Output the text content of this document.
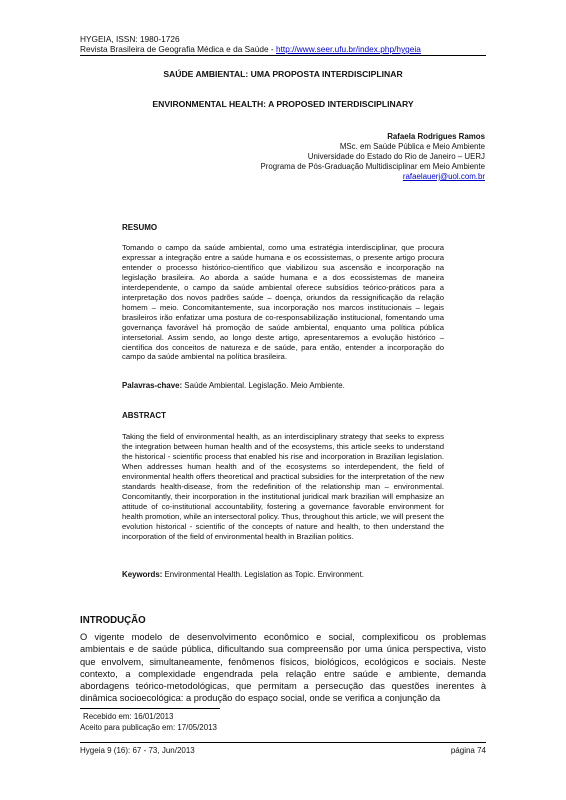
HYGEIA, ISSN: 1980-1726
Revista Brasileira de Geografia Médica e da Saúde - http://www.seer.ufu.br/index.php/hygeia
SAÚDE AMBIENTAL: UMA PROPOSTA INTERDISCIPLINAR
ENVIRONMENTAL HEALTH: A PROPOSED INTERDISCIPLINARY
Rafaela Rodrigues Ramos
MSc. em Saúde Pública e Meio Ambiente
Universidade do Estado do Rio de Janeiro – UERJ
Programa de Pós-Graduação Multidisciplinar em Meio Ambiente
rafaelauerj@uol.com.br
RESUMO
Tomando o campo da saúde ambiental, como uma estratégia interdisciplinar, que procura expressar a integração entre a saúde humana e os ecossistemas, o presente artigo procura entender o processo histórico-científico que viabilizou sua ascensão e incorporação na legislação brasileira. Ao aborda a saúde humana e a dos ecossistemas de maneira interdependente, o campo da saúde ambiental oferece subsídios teórico-práticos para a interpretação dos novos padrões saúde – doença, oriundos da ressignificação da relação homem – meio. Concomitantemente, sua incorporação nos marcos institucionais – legais brasileiros irão enfatizar uma postura de co-responsabilização institucional, fomentando uma governança favorável há promoção de saúde ambiental, enquanto uma política pública intersetorial. Assim sendo, ao longo deste artigo, apresentaremos a evolução histórico – científica dos conceitos de natureza e de saúde, para então, entender a incorporação do campo da saúde ambiental na política brasileira.
Palavras-chave: Saúde Ambiental. Legislação. Meio Ambiente.
ABSTRACT
Taking the field of environmental health, as an interdisciplinary strategy that seeks to express the integration between human health and of the ecosystems, this article seeks to understand the historical - scientific process that enabled his rise and incorporation in Brazilian legislation. When addresses human health and of the ecosystems so interdependent, the field of environmental health offers theoretical and practical subsidies for the interpretation of the new standards health-disease, from the redefinition of the relationship man – environmental. Concomitantly, their incorporation in the institutional juridical mark brazilian will emphasize an attitude of co-institutional accountability, fostering a governance favorable environment for health promotion, while an intersectoral policy. Thus, throughout this article, we will present the evolution historical - scientific of the concepts of nature and health, to then understand the incorporation of the field of environmental health in Brazilian politics.
Keywords: Environmental Health. Legislation as Topic. Environment.
INTRODUÇÃO
O vigente modelo de desenvolvimento econômico e social, complexificou os problemas ambientais e de saúde pública, dificultando sua compreensão por uma única perspectiva, visto que envolvem, simultaneamente, fenômenos físicos, biológicos, ecológicos e sociais. Neste contexto, a complexidade engendrada pela relação entre saúde e ambiente, demanda abordagens teórico-metodológicas, que permitam a persecução das questões inerentes à dinâmica socioecológica: a produção do espaço social, onde se verifica a conjunção da
Recebido em: 16/01/2013
Aceito para publicação em: 17/05/2013
Hygeia 9 (16): 67 - 73, Jun/2013	página 74
